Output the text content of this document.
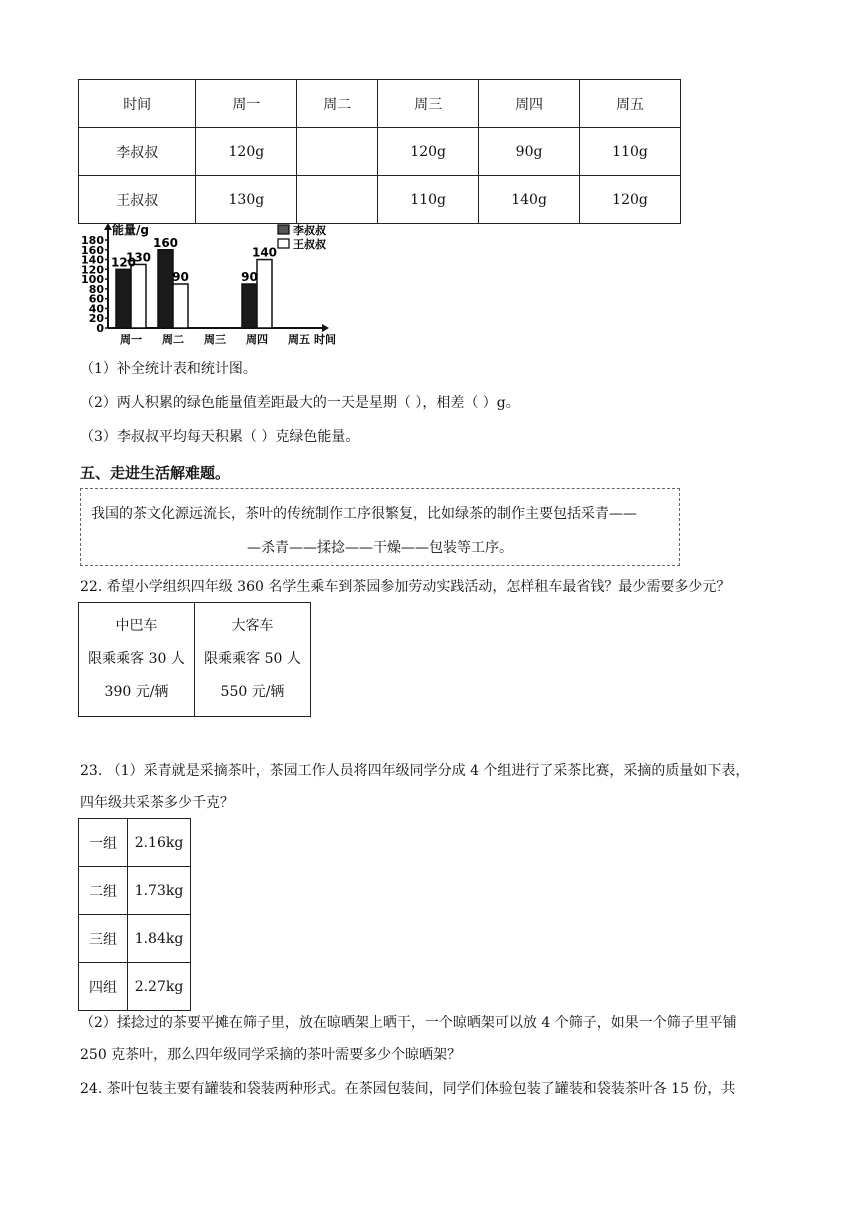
时间	周一	周二	周三	周四	周五
李叔叔	120g		120g	90g	110g
王叔叔	130g		110g	140g	120g
0
20
40
60
80
100
120
140
160
180
能量/g
周一 周二 周三 周四 周五 时间
120
130
160
90	90
140
李叔叔
王叔叔
（1）补全统计表和统计图。
（2）两人积累的绿色能量值差距最大的一天是星期（ ），相差（ ）g。
（3）李叔叔平均每天积累（ ）克绿色能量。
五、走进生活解难题。
我国的茶文化源远流长，茶叶的传统制作工序很繁复，比如绿茶的制作主要包括采青——
—杀青——揉捻——干燥——包装等工序。
22. 希望小学组织四年级 360 名学生乘车到茶园参加劳动实践活动，怎样租车最省钱？最少需要多少元？
中巴车
限乘乘客 30 人
390 元/辆

大客车
限乘乘客 50 人
550 元/辆
23. （1）采青就是采摘茶叶，茶园工作人员将四年级同学分成 4 个组进行了采茶比赛，采摘的质量如下表，
四年级共采茶多少千克？
一组	2.16kg
二组	1.73kg
三组	1.84kg
四组	2.27kg
（2）揉捻过的茶要平摊在筛子里，放在晾晒架上晒干，一个晾晒架可以放 4 个筛子，如果一个筛子里平铺
250 克茶叶，那么四年级同学采摘的茶叶需要多少个晾晒架？
24. 茶叶包装主要有罐装和袋装两种形式。在茶园包装间，同学们体验包装了罐装和袋装茶叶各 15 份，共
